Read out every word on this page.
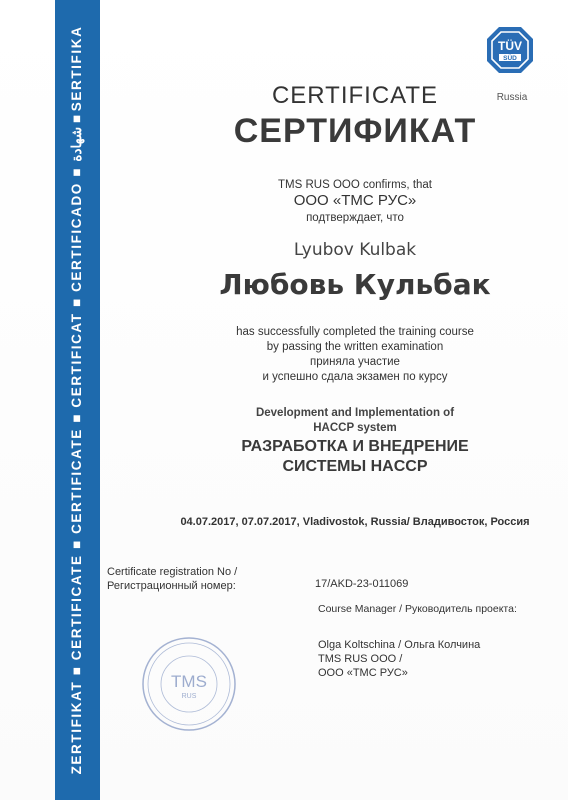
ZERTIFIKAT ■ CERTIFICATE ■ CERTIFICATE ■ CERTIFICAT ■ CERTIFICADO ■ شهادة ■ SERTIFIKA	TÜV
SÜD
Russia
CERTIFICATE
СЕРТИФИКАТ
TMS RUS OOO confirms, that
ООО «ТМС РУС»
подтверждает, что
Lyubov Kulbak
Любовь Кульбак
has successfully completed the training course
by passing the written examination
приняла участие
и успешно сдала экзамен по курсу
Development and Implementation of
HACCP system
РАЗРАБОТКА И ВНЕДРЕНИЕ
СИСТЕМЫ HACCP
04.07.2017, 07.07.2017, Vladivostok, Russia/ Владивосток, Россия
Certificate registration No /
Регистрационный номер:	17/AKD-23-011069
Course Manager / Руководитель проекта:
Olga Koltschina / Ольга Колчина
TMS RUS OOO /
ООО «ТМС РУС»
TMS
RUS
